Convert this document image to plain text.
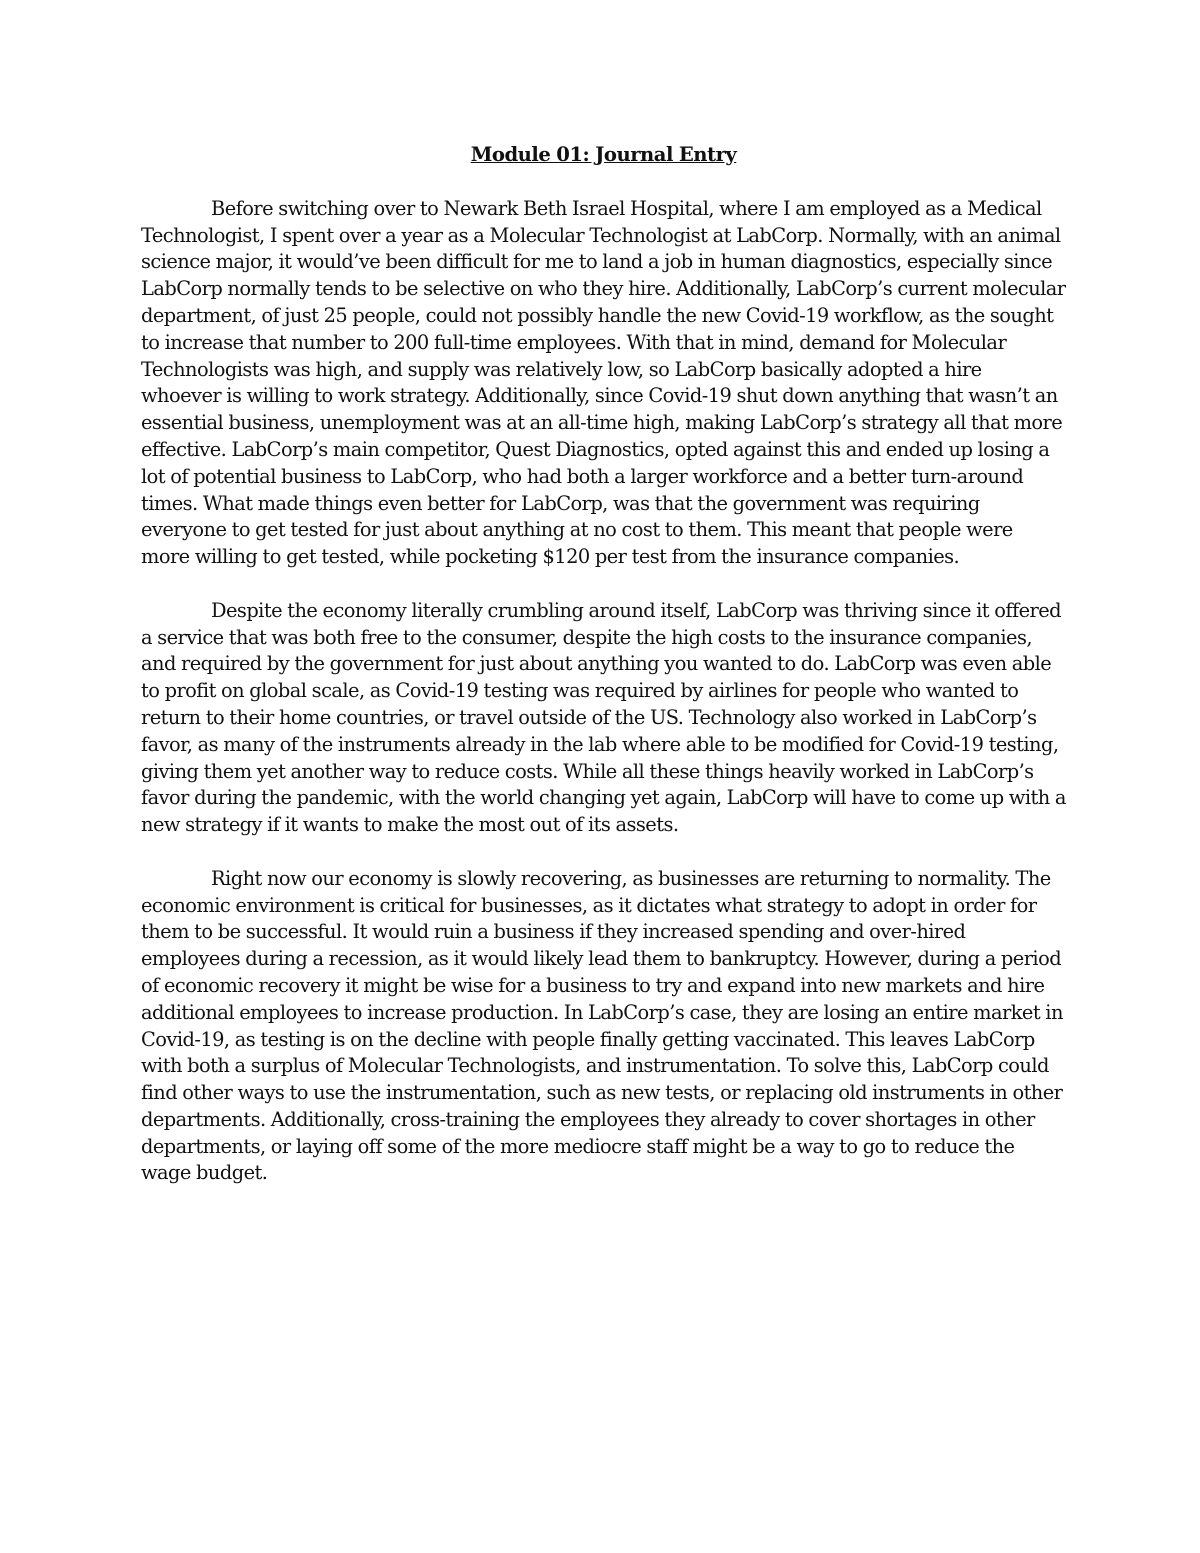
Module 01: Journal Entry

Before switching over to Newark Beth Israel Hospital, where I am employed as a Medical Technologist, I spent over a year as a Molecular Technologist at LabCorp. Normally, with an animal science major, it would’ve been difficult for me to land a job in human diagnostics, especially since LabCorp normally tends to be selective on who they hire. Additionally, LabCorp’s current molecular department, of just 25 people, could not possibly handle the new Covid-19 workflow, as the sought to increase that number to 200 full-time employees. With that in mind, demand for Molecular Technologists was high, and supply was relatively low, so LabCorp basically adopted a hire whoever is willing to work strategy. Additionally, since Covid-19 shut down anything that wasn’t an essential business, unemployment was at an all-time high, making LabCorp’s strategy all that more effective. LabCorp’s main competitor, Quest Diagnostics, opted against this and ended up losing a lot of potential business to LabCorp, who had both a larger workforce and a better turn-around times. What made things even better for LabCorp, was that the government was requiring everyone to get tested for just about anything at no cost to them. This meant that people were more willing to get tested, while pocketing $120 per test from the insurance companies.

Despite the economy literally crumbling around itself, LabCorp was thriving since it offered a service that was both free to the consumer, despite the high costs to the insurance companies, and required by the government for just about anything you wanted to do. LabCorp was even able to profit on global scale, as Covid-19 testing was required by airlines for people who wanted to return to their home countries, or travel outside of the US. Technology also worked in LabCorp’s favor, as many of the instruments already in the lab where able to be modified for Covid-19 testing, giving them yet another way to reduce costs. While all these things heavily worked in LabCorp’s favor during the pandemic, with the world changing yet again, LabCorp will have to come up with a new strategy if it wants to make the most out of its assets.

Right now our economy is slowly recovering, as businesses are returning to normality. The economic environment is critical for businesses, as it dictates what strategy to adopt in order for them to be successful. It would ruin a business if they increased spending and over-hired employees during a recession, as it would likely lead them to bankruptcy. However, during a period of economic recovery it might be wise for a business to try and expand into new markets and hire additional employees to increase production. In LabCorp’s case, they are losing an entire market in Covid-19, as testing is on the decline with people finally getting vaccinated. This leaves LabCorp with both a surplus of Molecular Technologists, and instrumentation. To solve this, LabCorp could find other ways to use the instrumentation, such as new tests, or replacing old instruments in other departments. Additionally, cross-training the employees they already to cover shortages in other departments, or laying off some of the more mediocre staff might be a way to go to reduce the wage budget.
